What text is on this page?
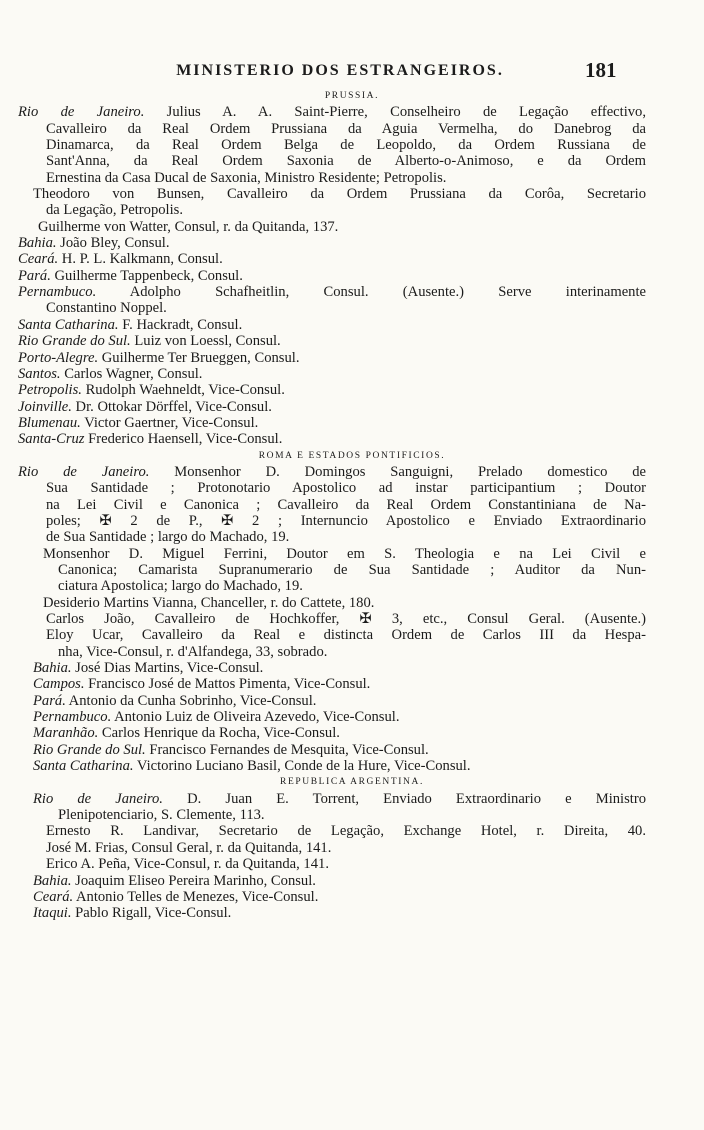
MINISTERIO DOS ESTRANGEIROS.	181
PRUSSIA.
Rio de Janeiro. Julius A. A. Saint-Pierre, Conselheiro de Legação effectivo,
Cavalleiro da Real Ordem Prussiana da Aguia Vermelha, do Danebrog da
Dinamarca, da Real Ordem Belga de Leopoldo, da Ordem Russiana de
Sant'Anna, da Real Ordem Saxonia de Alberto-o-Animoso, e da Ordem
Ernestina da Casa Ducal de Saxonia, Ministro Residente; Petropolis.
Theodoro von Bunsen, Cavalleiro da Ordem Prussiana da Corôa, Secretario
da Legação, Petropolis.
Guilherme von Watter, Consul, r. da Quitanda, 137.
Bahia. João Bley, Consul.
Ceará. H. P. L. Kalkmann, Consul.
Pará. Guilherme Tappenbeck, Consul.
Pernambuco. Adolpho Schafheitlin, Consul. (Ausente.) Serve interinamente
Constantino Noppel.
Santa Catharina. F. Hackradt, Consul.
Rio Grande do Sul. Luiz von Loessl, Consul.
Porto-Alegre. Guilherme Ter Brueggen, Consul.
Santos. Carlos Wagner, Consul.
Petropolis. Rudolph Waehneldt, Vice-Consul.
Joinville. Dr. Ottokar Dörffel, Vice-Consul.
Blumenau. Victor Gaertner, Vice-Consul.
Santa-Cruz Frederico Haensell, Vice-Consul.
ROMA E ESTADOS PONTIFICIOS.
Rio de Janeiro. Monsenhor D. Domingos Sanguigni, Prelado domestico de
Sua Santidade ; Protonotario Apostolico ad instar participantium ; Doutor
na Lei Civil e Canonica ; Cavalleiro da Real Ordem Constantiniana de Na-
poles; ✠ 2 de P., ✠ 2 ; Internuncio Apostolico e Enviado Extraordinario
de Sua Santidade ; largo do Machado, 19.
Monsenhor D. Miguel Ferrini, Doutor em S. Theologia e na Lei Civil e
Canonica; Camarista Supranumerario de Sua Santidade ; Auditor da Nun-
ciatura Apostolica; largo do Machado, 19.
Desiderio Martins Vianna, Chanceller, r. do Cattete, 180.
Carlos João, Cavalleiro de Hochkoffer, ✠ 3, etc., Consul Geral. (Ausente.)
Eloy Ucar, Cavalleiro da Real e distincta Ordem de Carlos III da Hespa-
nha, Vice-Consul, r. d'Alfandega, 33, sobrado.
Bahia. José Dias Martins, Vice-Consul.
Campos. Francisco José de Mattos Pimenta, Vice-Consul.
Pará. Antonio da Cunha Sobrinho, Vice-Consul.
Pernambuco. Antonio Luiz de Oliveira Azevedo, Vice-Consul.
Maranhão. Carlos Henrique da Rocha, Vice-Consul.
Rio Grande do Sul. Francisco Fernandes de Mesquita, Vice-Consul.
Santa Catharina. Victorino Luciano Basil, Conde de la Hure, Vice-Consul.
REPUBLICA ARGENTINA.
Rio de Janeiro. D. Juan E. Torrent, Enviado Extraordinario e Ministro
Plenipotenciario, S. Clemente, 113.
Ernesto R. Landivar, Secretario de Legação, Exchange Hotel, r. Direita, 40.
José M. Frias, Consul Geral, r. da Quitanda, 141.
Erico A. Peña, Vice-Consul, r. da Quitanda, 141.
Bahia. Joaquim Eliseo Pereira Marinho, Consul.
Ceará. Antonio Telles de Menezes, Vice-Consul.
Itaqui. Pablo Rigall, Vice-Consul.
